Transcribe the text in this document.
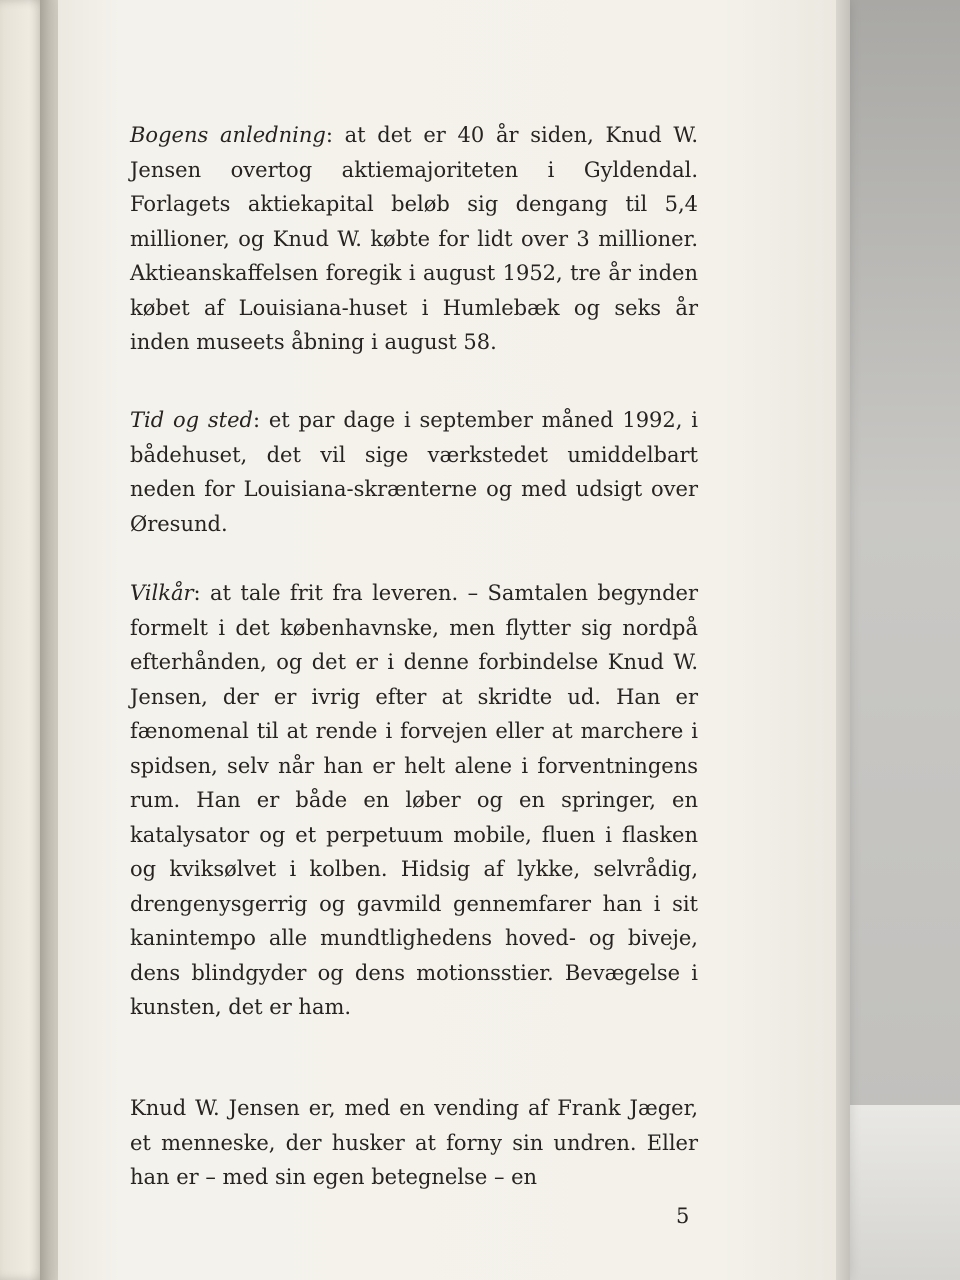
Bogens anledning: at det er 40 år siden, Knud W. Jensen overtog aktiemajoriteten i Gyldendal. Forlagets aktiekapital beløb sig dengang til 5,4 millioner, og Knud W. købte for lidt over 3 millioner. Aktieanskaffelsen foregik i august 1952, tre år inden købet af Louisiana-huset i Humlebæk og seks år inden museets åbning i august 58.

Tid og sted: et par dage i september måned 1992, i bådehuset, det vil sige værkstedet umiddelbart neden for Louisiana-skrænterne og med udsigt over Øresund.

Vilkår: at tale frit fra leveren. – Samtalen begynder formelt i det københavnske, men flytter sig nordpå efterhånden, og det er i denne forbindelse Knud W. Jensen, der er ivrig efter at skridte ud. Han er fænomenal til at rende i forvejen eller at marchere i spidsen, selv når han er helt alene i forventningens rum. Han er både en løber og en springer, en katalysator og et perpetuum mobile, fluen i flasken og kviksølvet i kolben. Hidsig af lykke, selvrådig, drengenysgerrig og gavmild gennemfarer han i sit kanintempo alle mundtlighedens hoved- og biveje, dens blindgyder og dens motionsstier. Bevægelse i kunsten, det er ham.

Knud W. Jensen er, med en vending af Frank Jæger, et menneske, der husker at forny sin undren. Eller han er – med sin egen betegnelse – en

5
